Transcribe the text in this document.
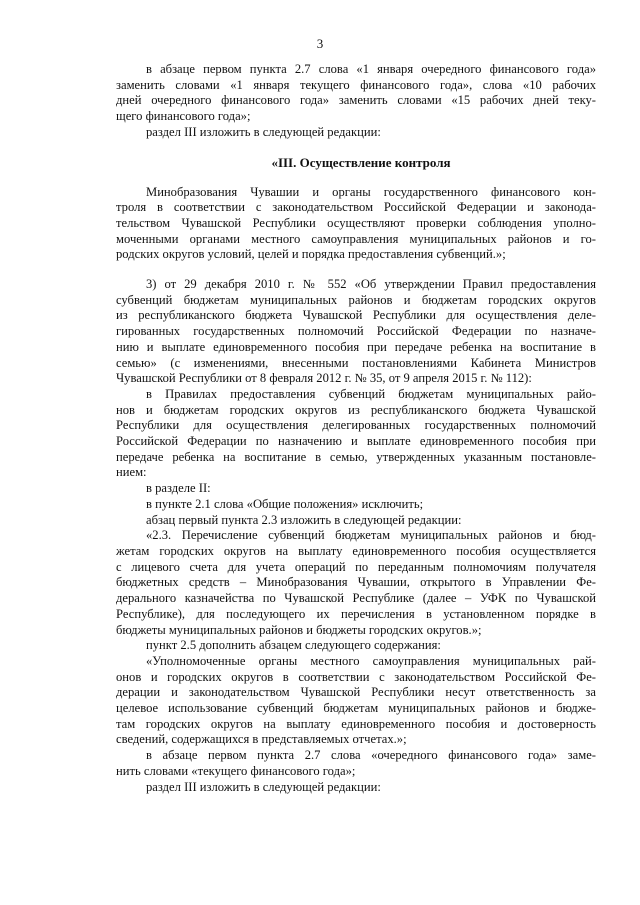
3
в абзаце первом пункта 2.7 слова «1 января очередного финансового года»
заменить словами «1 января текущего финансового года», слова «10 рабочих
дней очередного финансового года» заменить словами «15 рабочих дней теку-
щего финансового года»;
раздел III изложить в следующей редакции:
«III. Осуществление контроля
Минобразования Чувашии и органы государственного финансового кон-
троля в соответствии с законодательством Российской Федерации и законода-
тельством Чувашской Республики осуществляют проверки соблюдения уполно-
моченными органами местного самоуправления муниципальных районов и го-
родских округов условий, целей и порядка предоставления субвенций.»;
3) от 29 декабря 2010 г. № 552 «Об утверждении Правил предоставления
субвенций бюджетам муниципальных районов и бюджетам городских округов
из республиканского бюджета Чувашской Республики для осуществления деле-
гированных государственных полномочий Российской Федерации по назначе-
нию и выплате единовременного пособия при передаче ребенка на воспитание в
семью» (с изменениями, внесенными постановлениями Кабинета Министров
Чувашской Республики от 8 февраля 2012 г. № 35, от 9 апреля 2015 г. № 112):
в Правилах предоставления субвенций бюджетам муниципальных райо-
нов и бюджетам городских округов из республиканского бюджета Чувашской
Республики для осуществления делегированных государственных полномочий
Российской Федерации по назначению и выплате единовременного пособия при
передаче ребенка на воспитание в семью, утвержденных указанным постановле-
нием:
в разделе II:
в пункте 2.1 слова «Общие положения» исключить;
абзац первый пункта 2.3 изложить в следующей редакции:
«2.3. Перечисление субвенций бюджетам муниципальных районов и бюд-
жетам городских округов на выплату единовременного пособия осуществляется
с лицевого счета для учета операций по переданным полномочиям получателя
бюджетных средств – Минобразования Чувашии, открытого в Управлении Фе-
дерального казначейства по Чувашской Республике (далее – УФК по Чувашской
Республике), для последующего их перечисления в установленном порядке в
бюджеты муниципальных районов и бюджеты городских округов.»;
пункт 2.5 дополнить абзацем следующего содержания:
«Уполномоченные органы местного самоуправления муниципальных рай-
онов и городских округов в соответствии с законодательством Российской Фе-
дерации и законодательством Чувашской Республики несут ответственность за
целевое использование субвенций бюджетам муниципальных районов и бюдже-
там городских округов на выплату единовременного пособия и достоверность
сведений, содержащихся в представляемых отчетах.»;
в абзаце первом пункта 2.7 слова «очередного финансового года» заме-
нить словами «текущего финансового года»;
раздел III изложить в следующей редакции:
